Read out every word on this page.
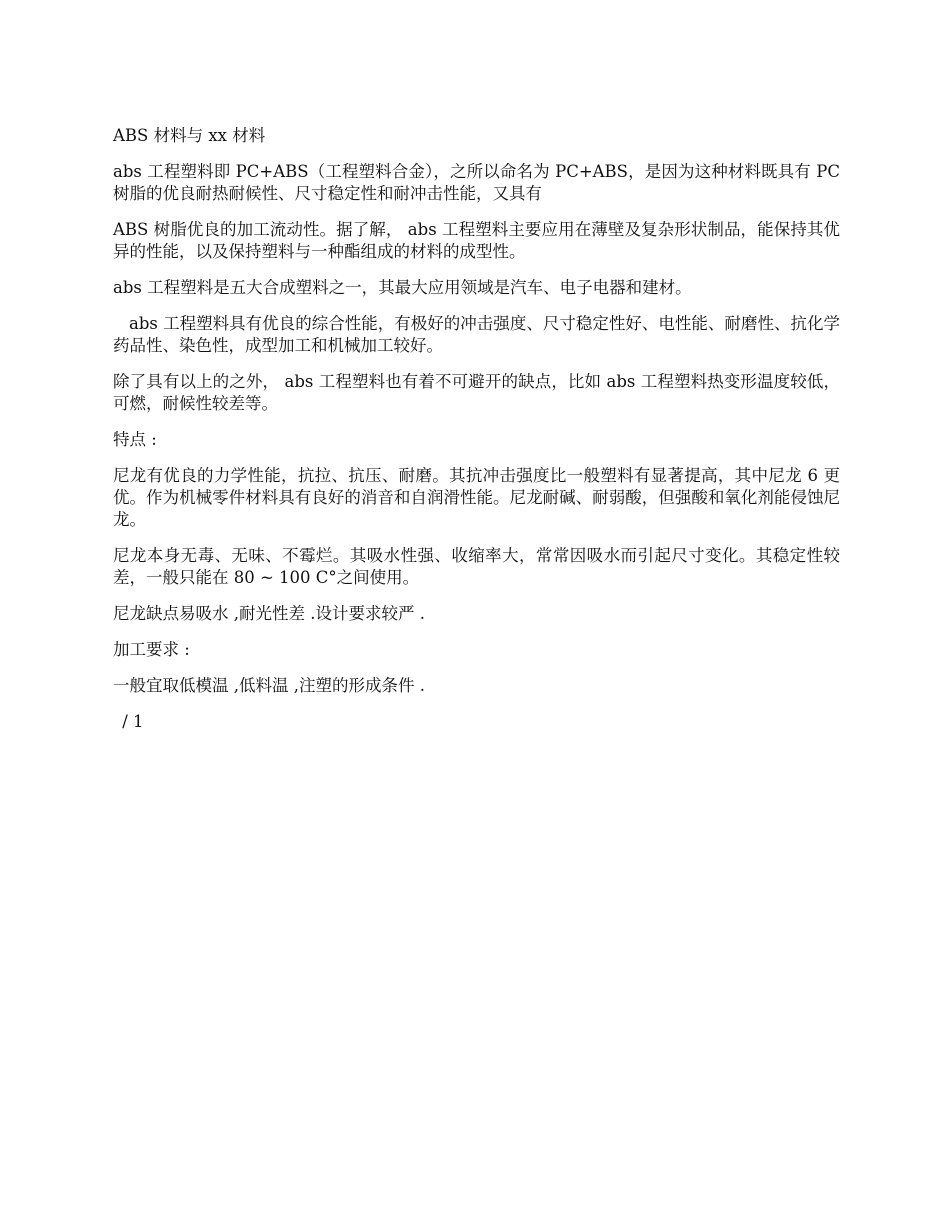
ABS 材料与 xx 材料

abs 工程塑料即 PC+ABS（工程塑料合金），之所以命名为 PC+ABS，是因为这种材料既具有 PC 树脂的优良耐热耐候性、尺寸稳定性和耐冲击性能，又具有

ABS 树脂优良的加工流动性。据了解， abs 工程塑料主要应用在薄壁及复杂形状制品，能保持其优异的性能，以及保持塑料与一种酯组成的材料的成型性。

abs 工程塑料是五大合成塑料之一，其最大应用领域是汽车、电子电器和建材。

abs 工程塑料具有优良的综合性能，有极好的冲击强度、尺寸稳定性好、电性能、耐磨性、抗化学药品性、染色性，成型加工和机械加工较好。

除了具有以上的之外， abs 工程塑料也有着不可避开的缺点，比如 abs 工程塑料热变形温度较低，可燃，耐候性较差等。

特点 :

尼龙有优良的力学性能，抗拉、抗压、耐磨。其抗冲击强度比一般塑料有显著提高，其中尼龙 6 更优。作为机械零件材料具有良好的消音和自润滑性能。尼龙耐碱、耐弱酸，但强酸和氧化剂能侵蚀尼龙。

尼龙本身无毒、无味、不霉烂。其吸水性强、收缩率大，常常因吸水而引起尺寸变化。其稳定性较差，一般只能在 80 ~ 100 C°之间使用。

尼龙缺点易吸水 ,耐光性差 .设计要求较严 .

加工要求 :

一般宜取低模温 ,低料温 ,注塑的形成条件 .

/ 1
